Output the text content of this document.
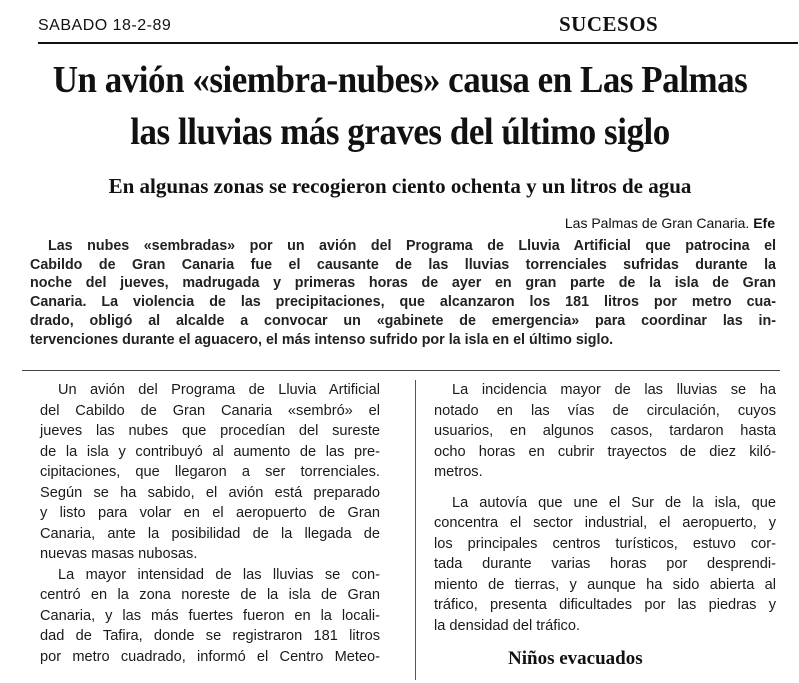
SABADO 18-2-89	SUCESOS
Un avión «siembra-nubes» causa en Las Palmas
las lluvias más graves del último siglo
En algunas zonas se recogieron ciento ochenta y un litros de agua
Las Palmas de Gran Canaria. Efe
Las nubes «sembradas» por un avión del Programa de Lluvia Artificial que patrocina el
Cabildo de Gran Canaria fue el causante de las lluvias torrenciales sufridas durante la
noche del jueves, madrugada y primeras horas de ayer en gran parte de la isla de Gran
Canaria. La violencia de las precipitaciones, que alcanzaron los 181 litros por metro cua-
drado, obligó al alcalde a convocar un «gabinete de emergencia» para coordinar las in-
tervenciones durante el aguacero, el más intenso sufrido por la isla en el último siglo.
Un avión del Programa de Lluvia Artificial
del Cabildo de Gran Canaria «sembró» el
jueves las nubes que procedían del sureste
de la isla y contribuyó al aumento de las pre-
cipitaciones, que llegaron a ser torrenciales.
Según se ha sabido, el avión está preparado
y listo para volar en el aeropuerto de Gran
Canaria, ante la posibilidad de la llegada de
nuevas masas nubosas.
La mayor intensidad de las lluvias se con-
centró en la zona noreste de la isla de Gran
Canaria, y las más fuertes fueron en la locali-
dad de Tafira, donde se registraron 181 litros
por metro cuadrado, informó el Centro Meteo-
La incidencia mayor de las lluvias se ha
notado en las vías de circulación, cuyos
usuarios, en algunos casos, tardaron hasta
ocho horas en cubrir trayectos de diez kiló-
metros.
La autovía que une el Sur de la isla, que
concentra el sector industrial, el aeropuerto, y
los principales centros turísticos, estuvo cor-
tada durante varias horas por desprendi-
miento de tierras, y aunque ha sido abierta al
tráfico, presenta dificultades por las piedras y
la densidad del tráfico.
Niños evacuados
